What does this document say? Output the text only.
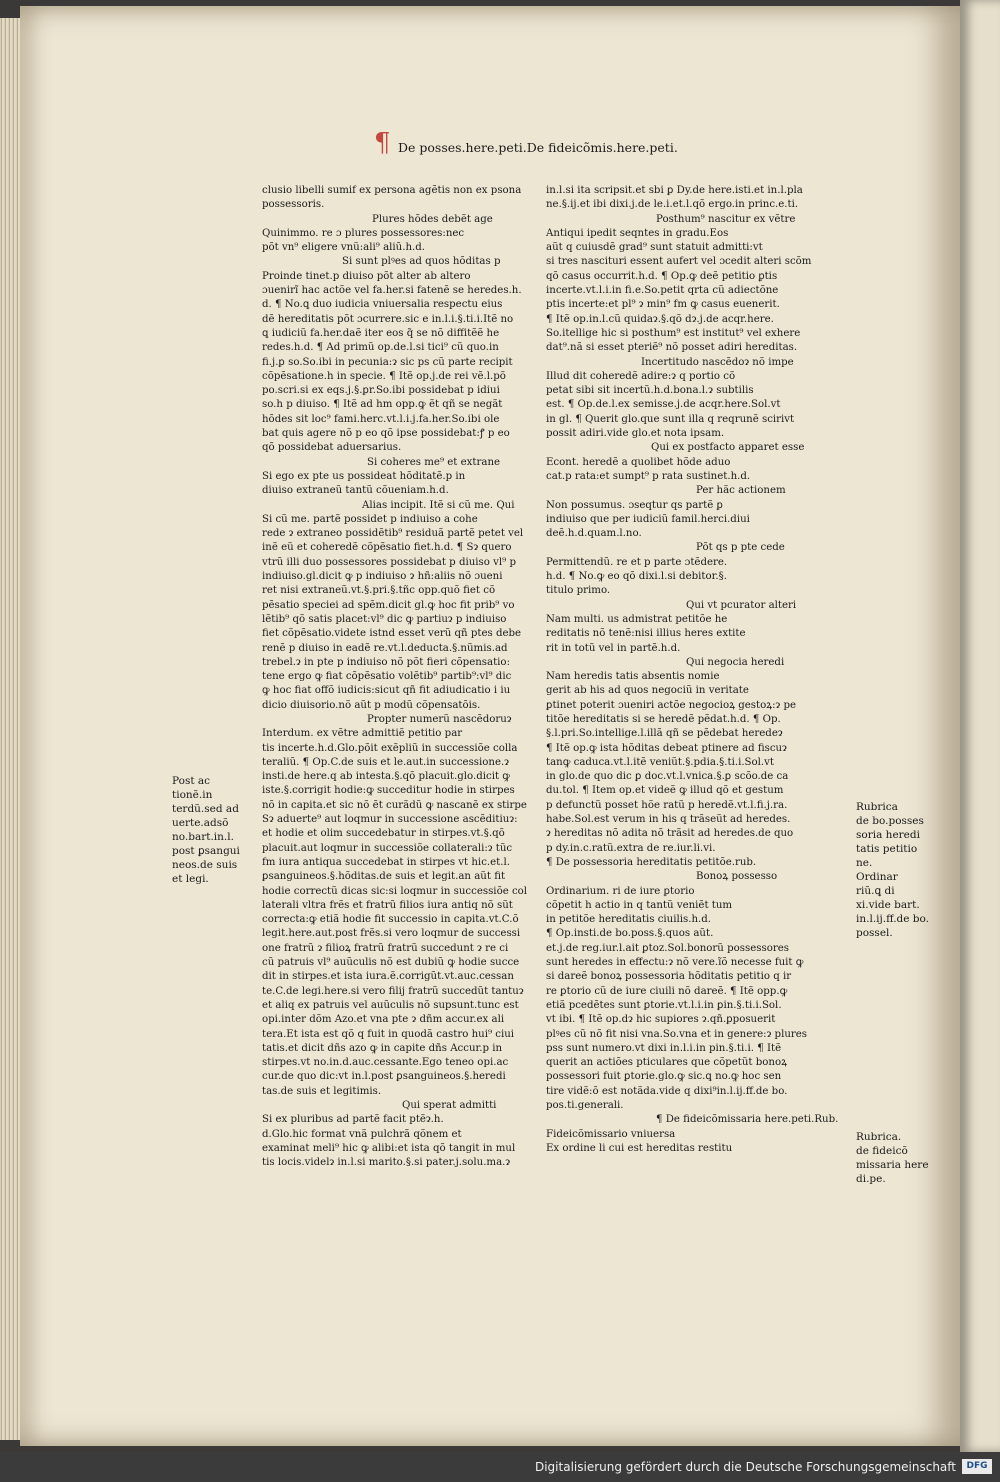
¶ De posses.here.peti.De fideicõmis.here.peti.

clusio libelli sumif ex persona agẽtis non ex psona

possessoris.

Plures hõdes debẽt age

Quinimmo. re ɔ plures possessores:nec

põt vn⁹ eligere vnũ:ali⁹ aliũ.h.d.

Si sunt plꝰes ad quos hõditas p

Proinde tinet.p diuiso põt alter ab altero

ɔuenirĩ hac actõe vel fa.her.si fatenẽ se heredes.h.

d. ¶ No.ꝗ duo iudicia vniuersalia respectu eius

dẽ hereditatis põt ɔcurrere.sic e in.l.i.§.ti.i.Itẽ no

ꝗ iudiciũ fa.her.daẽ iter eos q̃ se nõ diffitẽẽ he

redes.h.d. ¶ Ad primũ op.de.l.si tici⁹ cũ quo.in

fi.j.ꝑ so.So.ibi in pecunia:ɂ sic ps cũ parte recipit

cõpẽsatione.h in specie. ¶ Itẽ op.j.de rei vẽ.l.põ

po.scri.si ex eqs.j.§.ꝑr.So.ibi possidebat p idiui

so.h p diuiso. ¶ Itẽ ad hm opp.ꝙ ẽt qñ se negãt

hõdes sit loc⁹ fami.herc.vt.l.i.j.fa.her.So.ibi ole

bat quis agere nõ p eo qõ ipse possidebat:ꝭ p eo

qõ possidebat aduersarius.

Si coheres me⁹ et extrane

Si ego ex pte us possideat hõditatẽ.p in

diuiso extraneũ tantũ cõueniam.h.d.

Alias incipit. Itẽ si cũ me. Qui

Si cũ me. partẽ possidet p indiuiso a cohe

rede ɂ extraneo possidẽtib⁹ residuã partẽ petet vel

inẽ eũ et coheredẽ cõpẽsatio fiet.h.d. ¶ Sɂ quero

vtrũ illi duo possessores possidebat p diuiso vl⁹ p

indiuiso.gl.dicit ꝙ p indiuiso ɂ hñ:aliis nõ ɔueni

ret nisi extraneũ.vt.§.pri.§.tñc opp.quõ fiet cõ

pẽsatio speciei ad spẽm.dicit gl.ꝙ hoc fit prib⁹ vo

lẽtib⁹ qõ satis placet:vl⁹ dic ꝙ partiuɂ p indiuiso

fiet cõpẽsatio.videte istnd esset verũ qñ ptes debe

renẽ p diuiso in eadẽ re.vt.l.deducta.§.nũmis.ad

trebel.ɂ in pte p indiuiso nõ põt fieri cõpensatio:

tene ergo ꝙ fiat cõpẽsatio volẽtib⁹ partib⁹:vl⁹ dic

ꝙ hoc fiat offõ iudicis:sicut qñ fit adiudicatio i iu

dicio diuisorio.nõ aũt p modũ cõpensatõis.

Propter numerũ nascẽdoruɂ

Interdum. ex vẽtre admittiẽ petitio par

tis incerte.h.d.Glo.põit exẽpliũ in successiõe colla

teraliũ. ¶ Op.C.de suis et le.aut.in successione.ɂ

insti.de here.q ab intesta.§.qõ placuit.glo.dicit ꝙ

iste.§.corrigit hodie:ꝙ succeditur hodie in stirpes

nõ in capita.et sic nõ ẽt curãdũ ꝙ nascanẽ ex stirpe

Sɂ aduerte⁹ aut loqmur in successione ascẽditiuɂ:

et hodie et olim succedebatur in stirpes.vt.§.qõ

placuit.aut loqmur in successiõe collaterali:ɂ tũc

fm iura antiqua succedebat in stirpes vt hic.et.l.

ꝑsanguineos.§.hõditas.de suis et legit.an aũt fit

hodie correctũ dicas sic:si loqmur in successiõe col

laterali vltra frẽs et fratrũ filios iura antiq nõ sũt

correcta:ꝙ etiã hodie fit successio in capita.vt.C.õ

legit.here.aut.post frẽs.si vero loqmur de successi

one fratrũ ɂ filioꝝ fratrũ fratrũ succedunt ɂ re ci

cũ patruis vl⁹ auũculis nõ est dubiũ ꝙ hodie succe

dit in stirpes.et ista iura.ẽ.corrigũt.vt.auc.cessan

te.C.de legi.here.si vero filij fratrũ succedũt tantuɂ

et aliq ex patruis vel auũculis nõ supsunt.tunc est

opi.inter dõm Azo.et vna pte ɂ dñm accur.ex ali

tera.Et ista est qõ q fuit in quodã castro hui⁹ ciui

tatis.et dicit dñs azo ꝙ in capite dñs Accur.p in

stirpes.vt no.in.d.auc.cessante.Ego teneo opi.ac

cur.de quo dic:vt in.l.post ꝑsanguineos.§.heredi

tas.de suis et legitimis.

Qui sperat admitti

Si ex pluribus ad partẽ facit ptẽɂ.h.

d.Glo.hic format vnã pulchrã qõnem et

examinat meli⁹ hic ꝙ alibi:et ista qõ tangit in mul

tis locis.videlɂ in.l.si marito.§.si pater.j.solu.ma.ɂ

in.l.si ita scripsit.et sbi ꝑ Dy.de here.isti.et in.l.pla

ne.§.ij.et ibi dixi.j.de le.i.et.l.qõ ergo.in princ.e.ti.

Posthum⁹ nascitur ex vẽtre

Antiqui ipedit seqntes in gradu.Eos

aũt q cuiusdẽ grad⁹ sunt statuit admitti:vt

si tres nascituri essent aufert vel ɔcedit alteri scõm

qõ casus occurrit.h.d. ¶ Op.ꝙ deẽ petitio ꝑtis

incerte.vt.l.i.in fi.e.So.petit qrta cũ adiectõne

ptis incerte:et pl⁹ ɂ min⁹ fm ꝙ casus euenerit.

¶ Itẽ op.in.l.cũ quidaɂ.§.qõ dɂ.j.de acqr.here.

So.itellige hic si posthum⁹ est institut⁹ vel exhere

dat⁹.nã si esset pteriẽ⁹ nõ posset adiri hereditas.

Incertitudo nascẽdoɂ nõ impe

Illud dit coheredẽ adire:ɂ q portio cõ

petat sibi sit incertũ.h.d.bona.l.ɂ subtilis

est. ¶ Op.de.l.ex semisse.j.de acqr.here.Sol.vt

in gl. ¶ Querit glo.que sunt illa q reqrunẽ scirivt

possit adiri.vide glo.et nota ipsam.

Qui ex postfacto apparet esse

Econt. heredẽ a quolibet hõde aduo

cat.p rata:et sumpt⁹ p rata sustinet.h.d.

Per hãc actionem

Non possumus. ɔseqtur qs partẽ ꝑ

indiuiso que per iudiciũ famil.herci.diui

deẽ.h.d.quam.l.no.

Põt qs p pte cede

Permittendũ. re et p parte ɔtẽdere.

h.d. ¶ No.ꝙ eo qõ dixi.l.si debitor.§.

titulo primo.

Qui vt pcurator alteri

Nam multi. us admistrat petitõe he

reditatis nõ tenẽ:nisi illius heres extite

rit in totũ vel in partẽ.h.d.

Qui negocia heredi

Nam heredis tatis absentis nomie

gerit ab his ad quos negociũ in veritate

ꝑtinet poterit ɔueniri actõe negocioꝝ gestoꝝ:ɂ pe

titõe hereditatis si se heredẽ pẽdat.h.d. ¶ Op.

§.l.pri.So.intellige.l.illã qñ se pẽdebat heredeɂ

¶ Itẽ op.ꝙ ista hõditas debeat ptinere ad fiscuɂ

tanꝙ caduca.vt.l.itẽ veniũt.§.pdia.§.ti.i.Sol.vt

in glo.de quo dic ꝑ doc.vt.l.vnica.§.ꝑ scõo.de ca

du.tol. ¶ Item op.et videẽ ꝙ illud qõ et gestum

p defunctũ posset hõe ratũ p heredẽ.vt.l.fi.j.ra.

habe.Sol.est verum in his q trãseũt ad heredes.

ɂ hereditas nõ adita nõ trãsit ad heredes.de quo

p dy.in.c.ratũ.extra de re.iur.li.vi.

¶ De possessoria hereditatis petitõe.rub.

Bonoꝝ possesso

Ordinarium. ri de iure ꝑtorio

cõpetit h actio in q tantũ veniẽt tum

in petitõe hereditatis ciuilis.h.d.

¶ Op.insti.de bo.poss.§.quos aũt.

et.j.de reg.iur.l.ait ꝑtoz.Sol.bonorũ possessores

sunt heredes in effectu:ɂ nõ vere.ĩõ necesse fuit ꝙ

si dareẽ bonoꝝ possessoria hõditatis petitio q ir

re ꝑtorio cũ de iure ciuili nõ dareẽ. ¶ Itẽ opp.ꝙ

etiã pcedẽtes sunt ꝑtorie.vt.l.i.in ꝑin.§.ti.i.Sol.

vt ibi. ¶ Itẽ op.dɂ hic supiores ɂ.qñ.ꝑposuerit

plꝰes cũ nõ fit nisi vna.So.vna et in genere:ɂ plures

pss sunt numero.vt dixi in.l.i.in pin.§.ti.i. ¶ Itẽ

querit an actiões pticulares que cõpetũt bonoꝝ

possessori fuit ꝑtorie.glo.ꝙ sic.ꝗ no.ꝙ hoc sen

tire vidẽ:õ est notãda.vide q dixi⁹in.l.ij.ff.de bo.

pos.ti.generali.

¶ De fideicõmissaria here.peti.Rub.

Fideicõmissario vniuersa

Ex ordine li cui est hereditas restitu

Post ac
tionẽ.in
terdũ.sed ad
uerte.adsõ
no.bart.in.l.
post ꝑsangui
neos.de suis
et legi.
Rubrica
de bo.posses
soria heredi
tatis petitio
ne.
Ordinar
riũ.ꝗ di
xi.vide bart.
in.l.ij.ff.de bo.
possel.
Rubrica.
de fideicõ
missaria here
di.pe.
Digitalisierung gefördert durch die Deutsche Forschungsgemeinschaft	DFG
